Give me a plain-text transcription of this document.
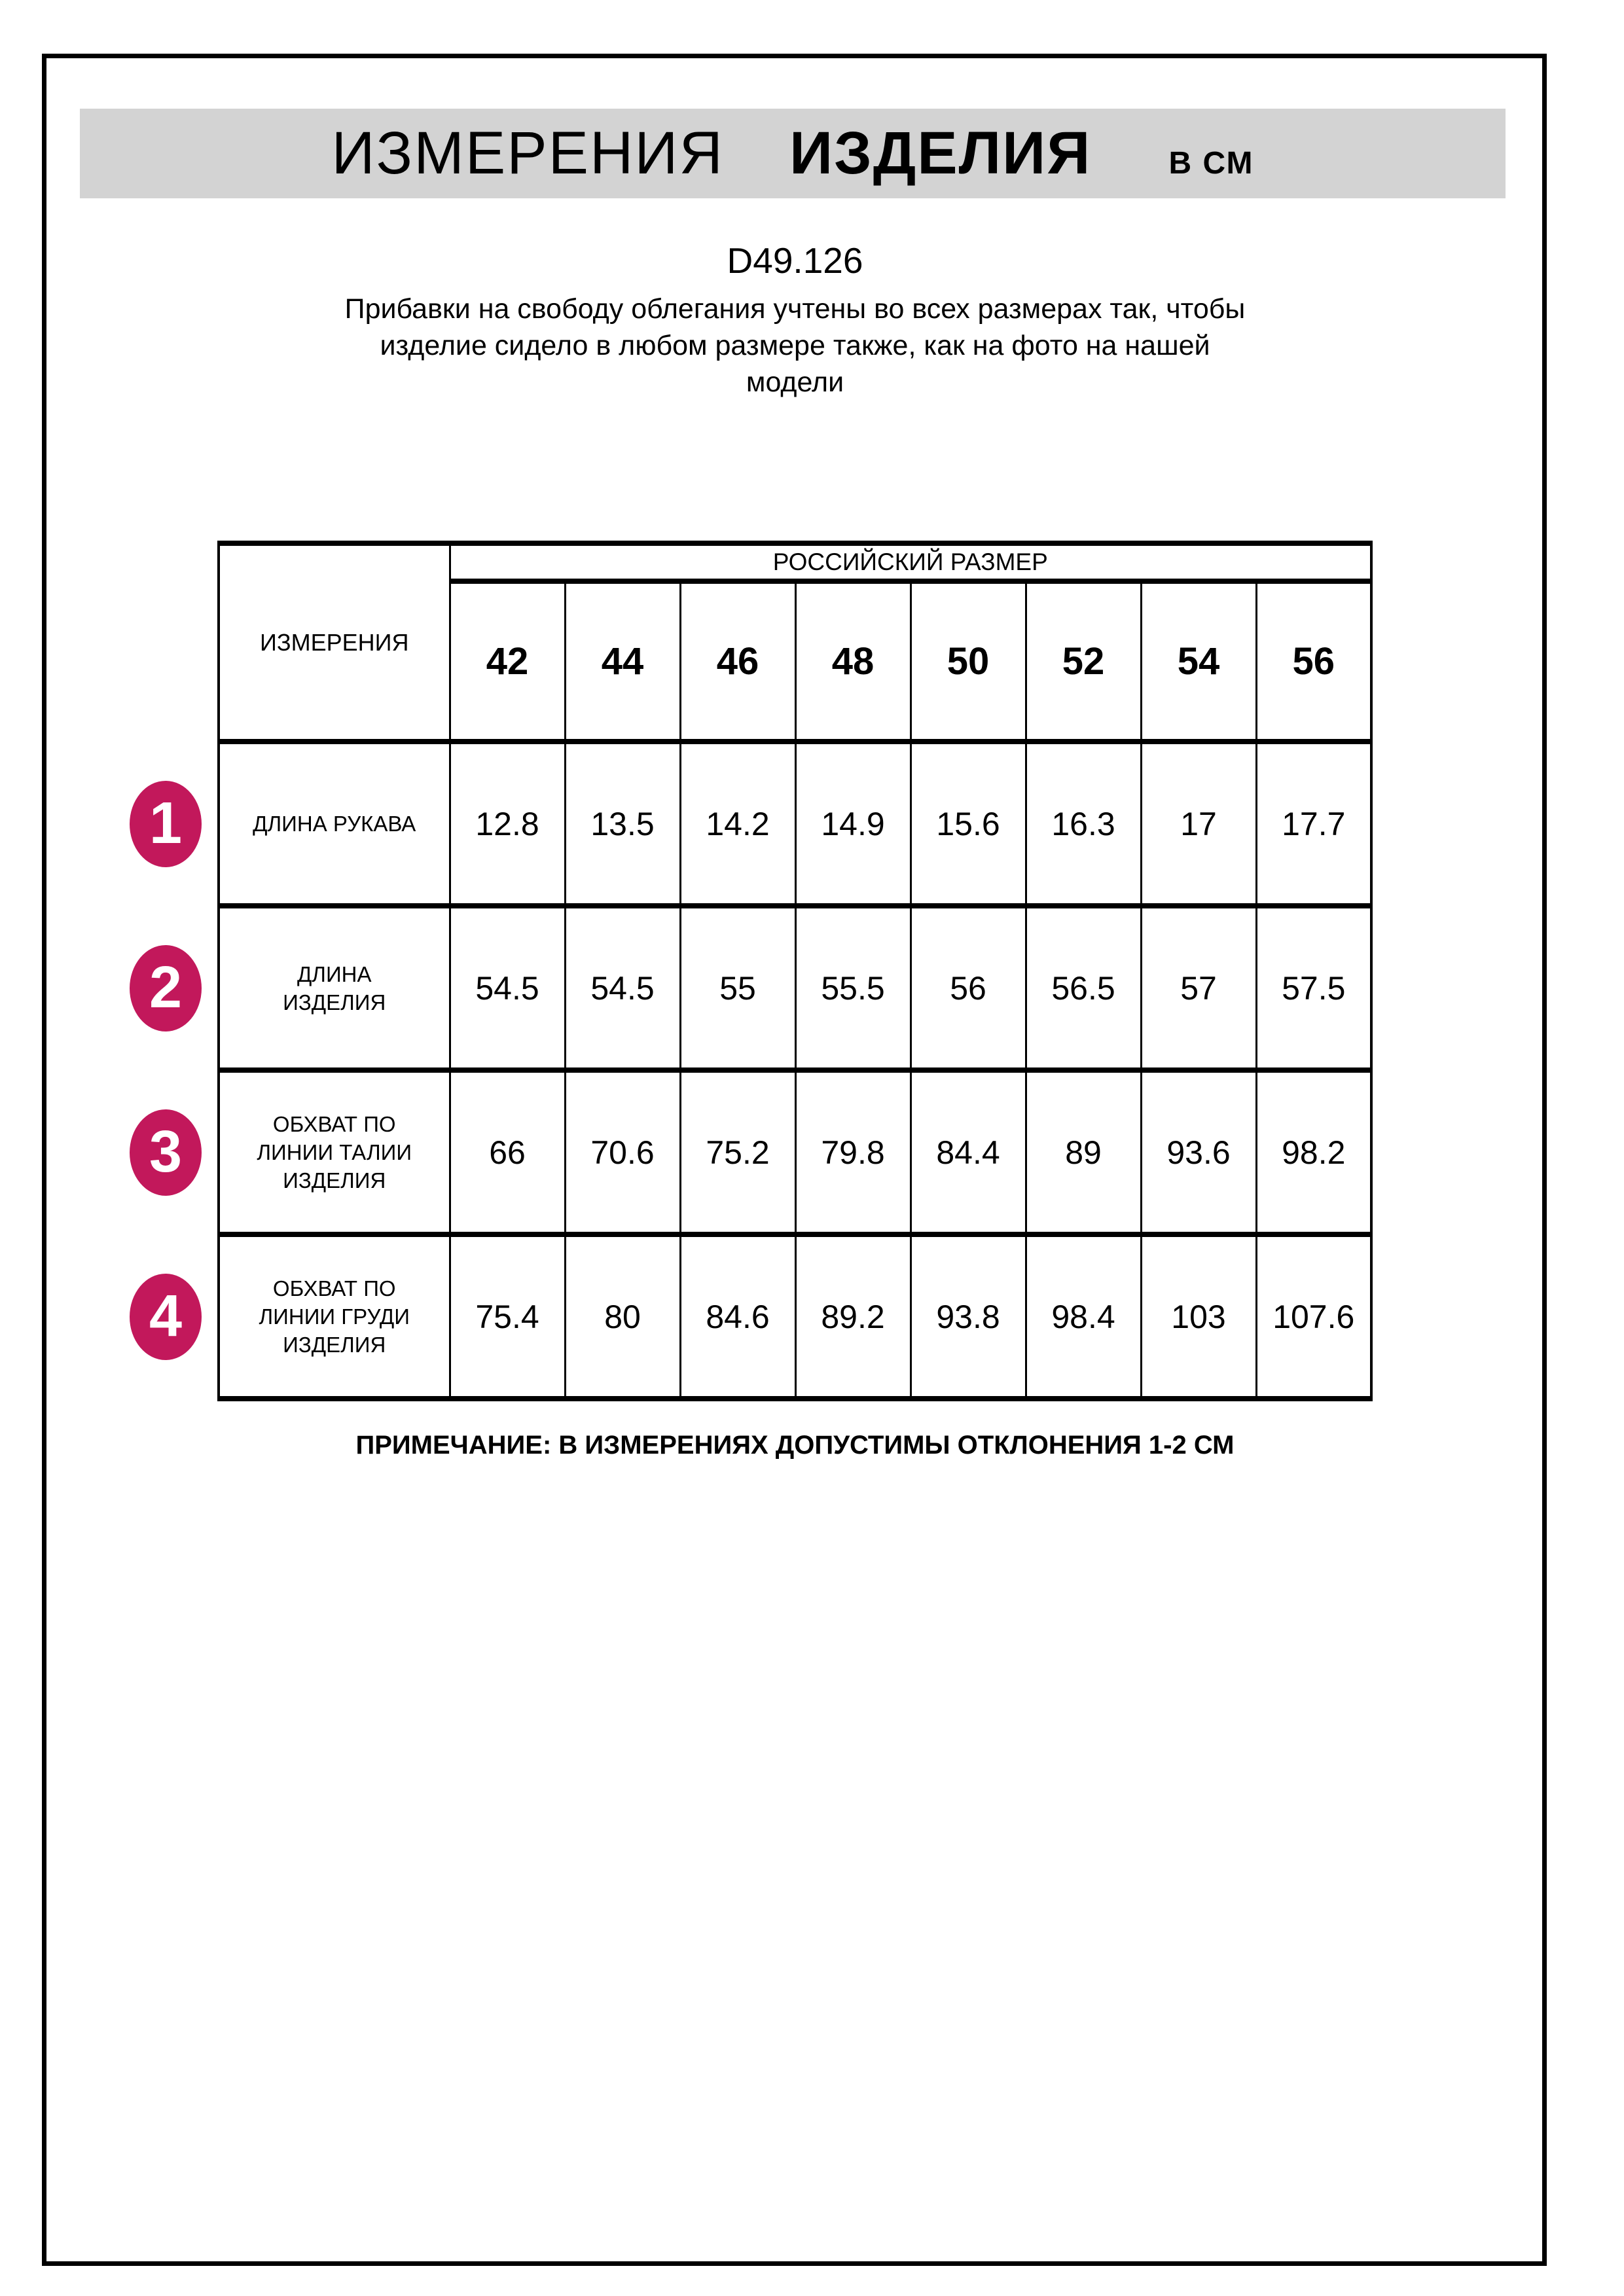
ИЗМЕРЕНИЯ ИЗДЕЛИЯ В СМ
D49.126
Прибавки на свободу облегания учтены во всех размерах так, чтобы
изделие сидело в любом размере также, как на фото на нашей
модели
ИЗМЕРЕНИЯ	РОССИЙСКИЙ РАЗМЕР							
	42	44	46	48	50	52	54	56

1 ДЛИНА РУКАВА	12.8	13.5	14.2	14.9	15.6	16.3	17	17.7

2 ДЛИНА
ИЗДЕЛИЯ	54.5	54.5	55	55.5	56	56.5	57	57.5

3 ОБХВАТ ПО
ЛИНИИ ТАЛИИ
ИЗДЕЛИЯ	66	70.6	75.2	79.8	84.4	89	93.6	98.2

4 ОБХВАТ ПО
ЛИНИИ ГРУДИ
ИЗДЕЛИЯ	75.4	80	84.6	89.2	93.8	98.4	103	107.6
ПРИМЕЧАНИЕ: В ИЗМЕРЕНИЯХ ДОПУСТИМЫ ОТКЛОНЕНИЯ 1-2 СМ
